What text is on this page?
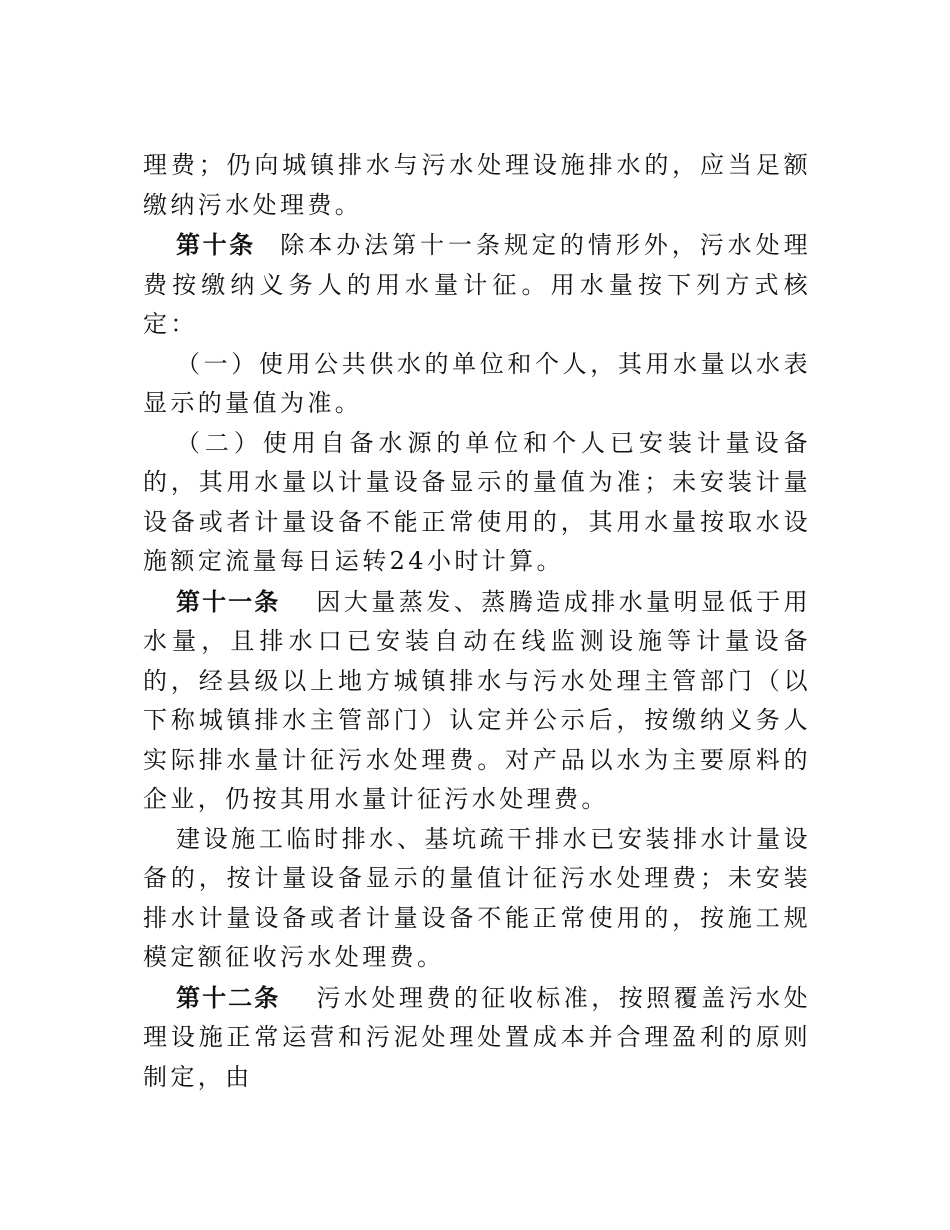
理费；仍向城镇排水与污水处理设施排水的，应当足额缴纳污水处理费。

第十条 除本办法第十一条规定的情形外，污水处理费按缴纳义务人的用水量计征。用水量按下列方式核定：

（一）使用公共供水的单位和个人，其用水量以水表显示的量值为准。

（二）使用自备水源的单位和个人已安装计量设备的，其用水量以计量设备显示的量值为准；未安装计量设备或者计量设备不能正常使用的，其用水量按取水设施额定流量每日运转24小时计算。

第十一条 因大量蒸发、蒸腾造成排水量明显低于用水量，且排水口已安装自动在线监测设施等计量设备的，经县级以上地方城镇排水与污水处理主管部门（以下称城镇排水主管部门）认定并公示后，按缴纳义务人实际排水量计征污水处理费。对产品以水为主要原料的企业，仍按其用水量计征污水处理费。

建设施工临时排水、基坑疏干排水已安装排水计量设备的，按计量设备显示的量值计征污水处理费；未安装排水计量设备或者计量设备不能正常使用的，按施工规模定额征收污水处理费。

第十二条 污水处理费的征收标准，按照覆盖污水处理设施正常运营和污泥处理处置成本并合理盈利的原则制定，由
